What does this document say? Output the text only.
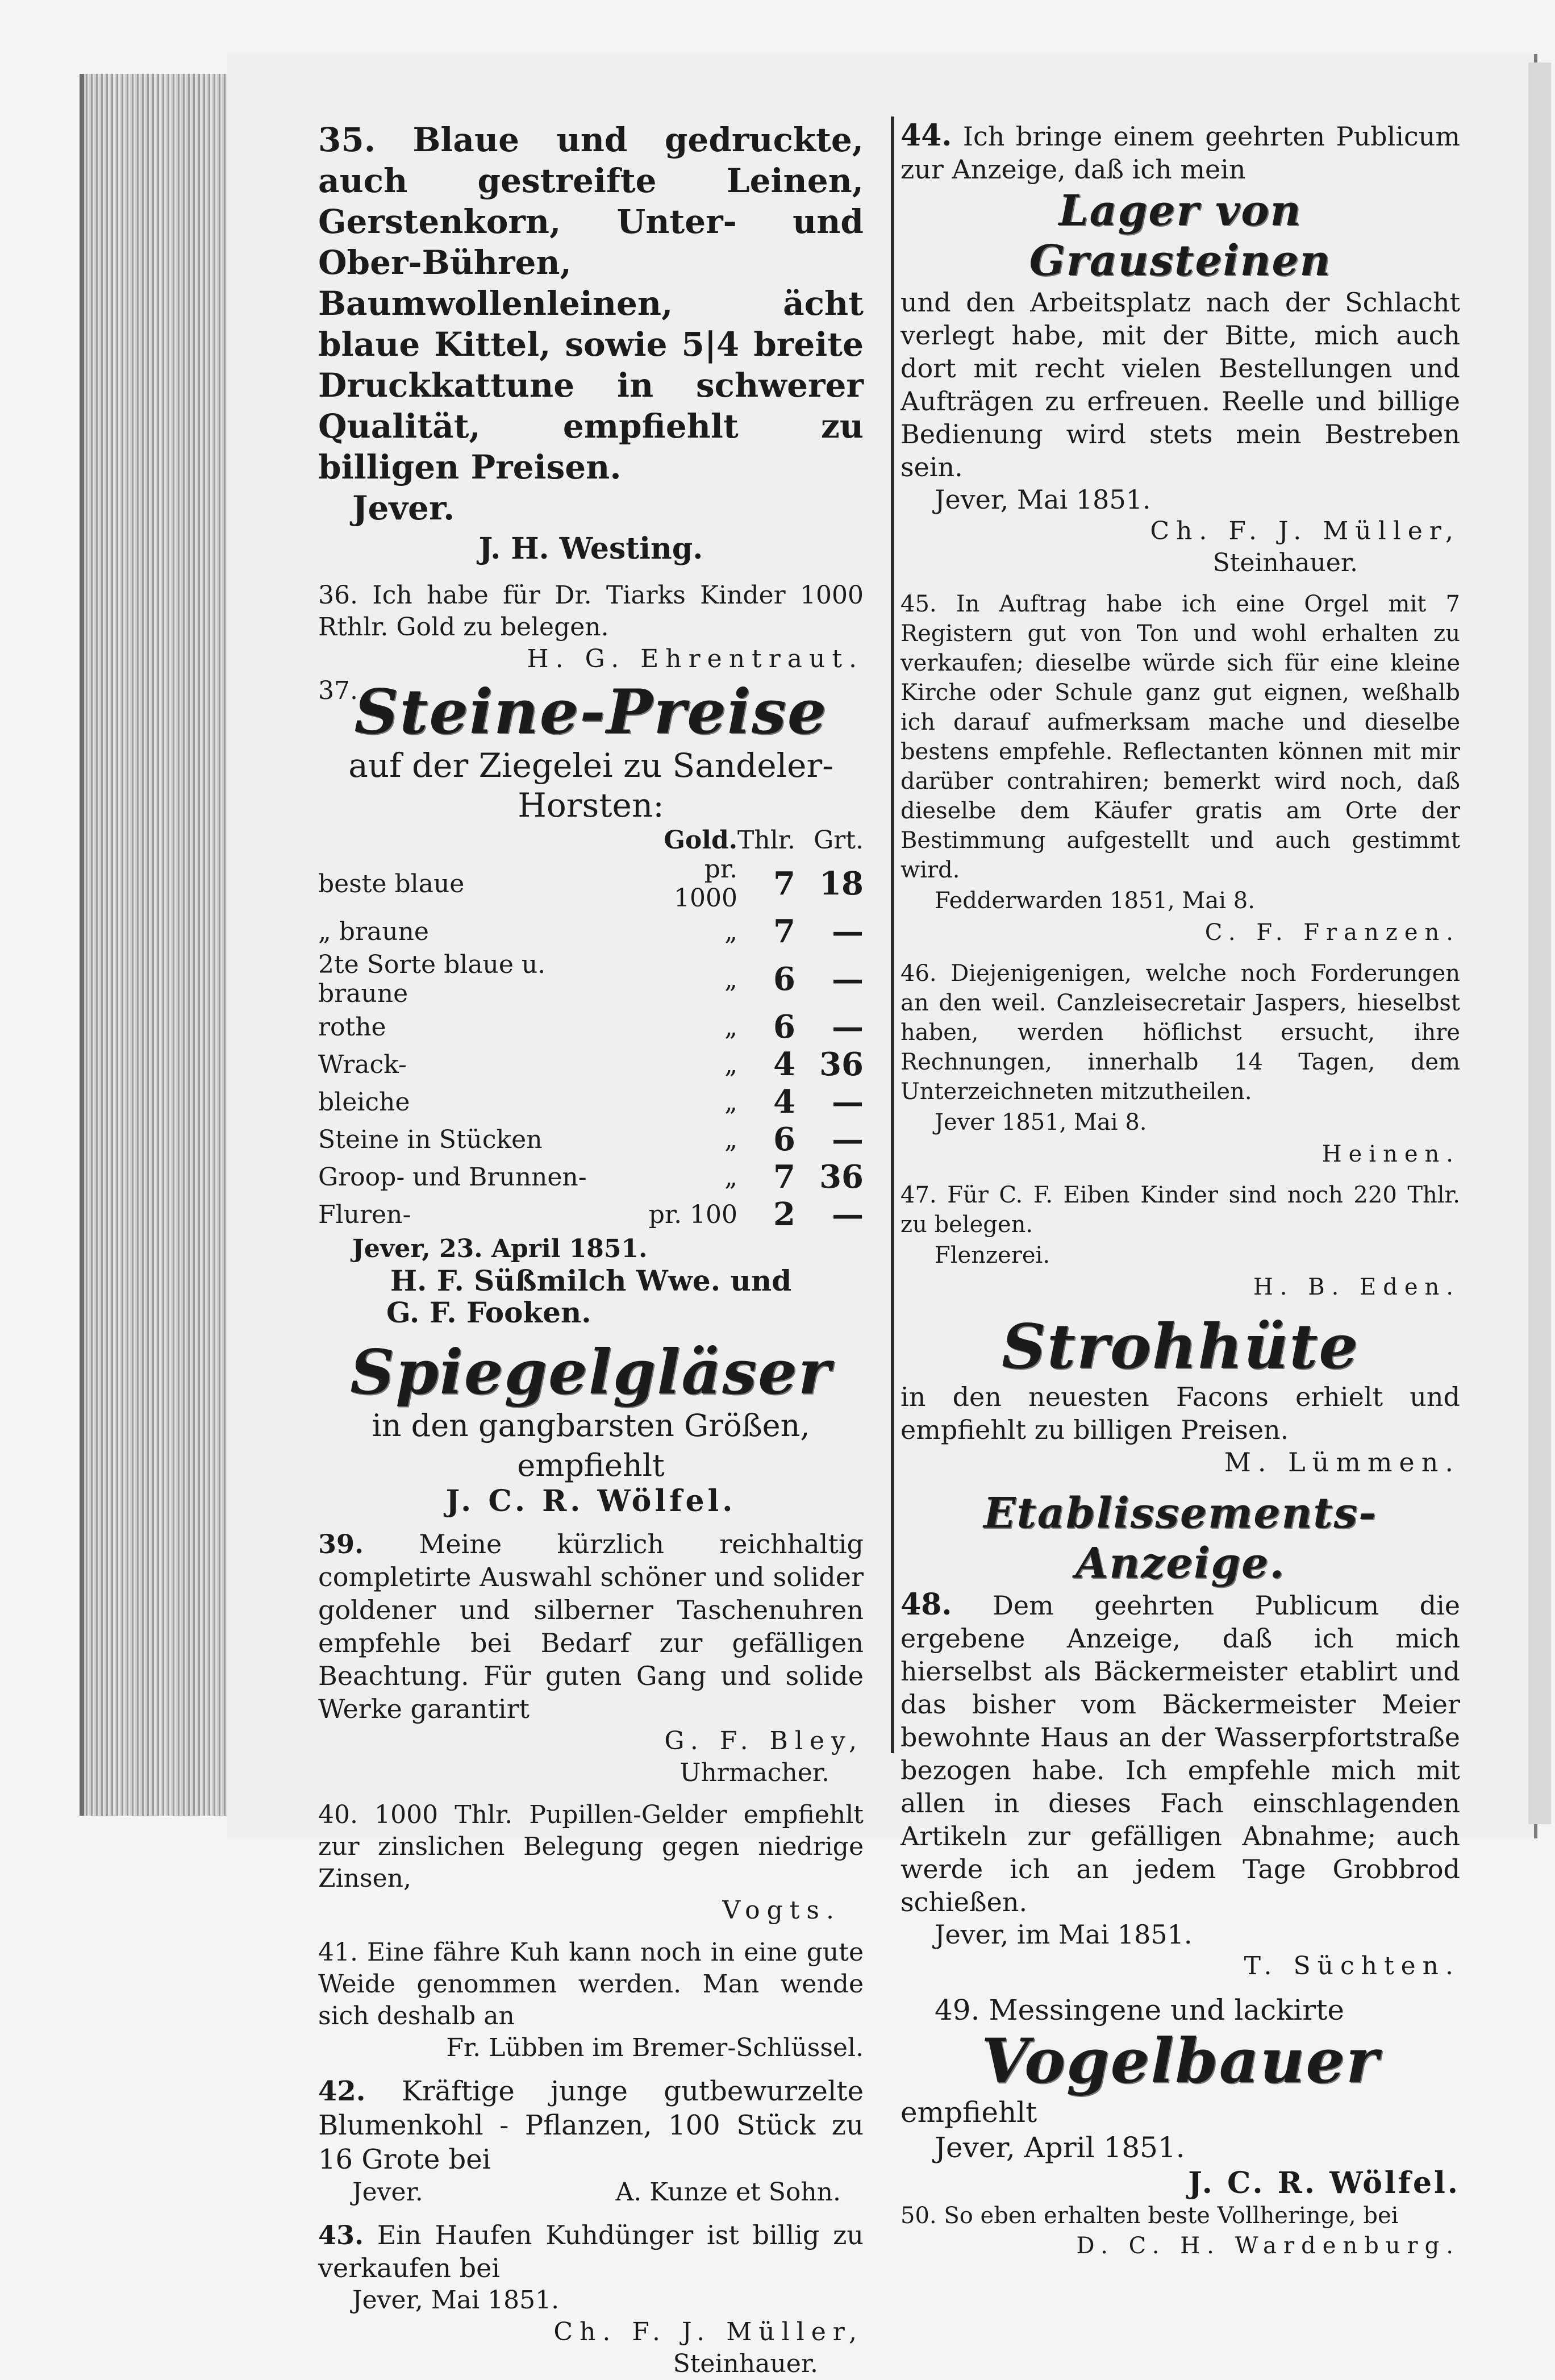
35. Blaue und gedruckte, auch gestreifte Leinen, Gerstenkorn, Unter- und Ober-Bühren, Baumwollenleinen, ächt blaue Kittel, sowie 5|4 breite Druckkattune in schwerer Qualität, empfiehlt zu billigen Preisen.

Jever.

J. H. Westing.

36. Ich habe für Dr. Tiarks Kinder 1000 Rthlr. Gold zu belegen.

H. G. Ehrentraut.

37.

Steine-Preise

auf der Ziegelei zu Sandeler-Horsten:

	Gold.	Thlr.	Grt.
beste blaue	pr. 1000	7	18
„ braune	„	7	—
2te Sorte blaue u. braune	„	6	—
rothe	„	6	—
Wrack-	„	4	36
bleiche	„	4	—
Steine in Stücken	„	6	—
Groop- und Brunnen-	„	7	36
Fluren-	pr. 100	2	—

Jever, 23. April 1851.

H. F. Süßmilch Wwe. und

G. F. Fooken.

Spiegelgläser

in den gangbarsten Größen, empfiehlt

J. C. R. Wölfel.

39. Meine kürzlich reichhaltig completirte Auswahl schöner und solider goldener und silberner Taschenuhren empfehle bei Bedarf zur gefälligen Beachtung. Für guten Gang und solide Werke garantirt

G. F. Bley,

Uhrmacher.

40. 1000 Thlr. Pupillen-Gelder empfiehlt zur zinslichen Belegung gegen niedrige Zinsen,

Vogts.

41. Eine fähre Kuh kann noch in eine gute Weide genommen werden. Man wende sich deshalb an

Fr. Lübben im Bremer-Schlüssel.

42. Kräftige junge gutbewurzelte Blumenkohl - Pflanzen, 100 Stück zu 16 Grote bei

Jever.	A. Kunze et Sohn.

43. Ein Haufen Kuhdünger ist billig zu verkaufen bei

Jever, Mai 1851.

Ch. F. J. Müller,

Steinhauer.

44. Ich bringe einem geehrten Publicum zur Anzeige, daß ich mein

Lager von Grausteinen

und den Arbeitsplatz nach der Schlacht verlegt habe, mit der Bitte, mich auch dort mit recht vielen Bestellungen und Aufträgen zu erfreuen. Reelle und billige Bedienung wird stets mein Bestreben sein.

Jever, Mai 1851.

Ch. F. J. Müller,

Steinhauer.

45. In Auftrag habe ich eine Orgel mit 7 Registern gut von Ton und wohl erhalten zu verkaufen; dieselbe würde sich für eine kleine Kirche oder Schule ganz gut eignen, weßhalb ich darauf aufmerksam mache und dieselbe bestens empfehle. Reflectanten können mit mir darüber contrahiren; bemerkt wird noch, daß dieselbe dem Käufer gratis am Orte der Bestimmung aufgestellt und auch gestimmt wird.

Fedderwarden 1851, Mai 8.

C. F. Franzen.

46. Diejenigenigen, welche noch Forderungen an den weil. Canzleisecretair Jaspers, hieselbst haben, werden höflichst ersucht, ihre Rechnungen, innerhalb 14 Tagen, dem Unterzeichneten mitzutheilen.

Jever 1851, Mai 8.

Heinen.

47. Für C. F. Eiben Kinder sind noch 220 Thlr. zu belegen.

Flenzerei.

H. B. Eden.

Strohhüte

in den neuesten Facons erhielt und empfiehlt zu billigen Preisen.

M. Lümmen.

Etablissements-Anzeige.

48. Dem geehrten Publicum die ergebene Anzeige, daß ich mich hierselbst als Bäckermeister etablirt und das bisher vom Bäckermeister Meier bewohnte Haus an der Wasserpfortstraße bezogen habe. Ich empfehle mich mit allen in dieses Fach einschlagenden Artikeln zur gefälligen Abnahme; auch werde ich an jedem Tage Grobbrod schießen.

Jever, im Mai 1851.

T. Süchten.

49. Messingene und lackirte

Vogelbauer

empfiehlt

Jever, April 1851.

J. C. R. Wölfel.

50. So eben erhalten beste Vollheringe, bei

D. C. H. Wardenburg.
